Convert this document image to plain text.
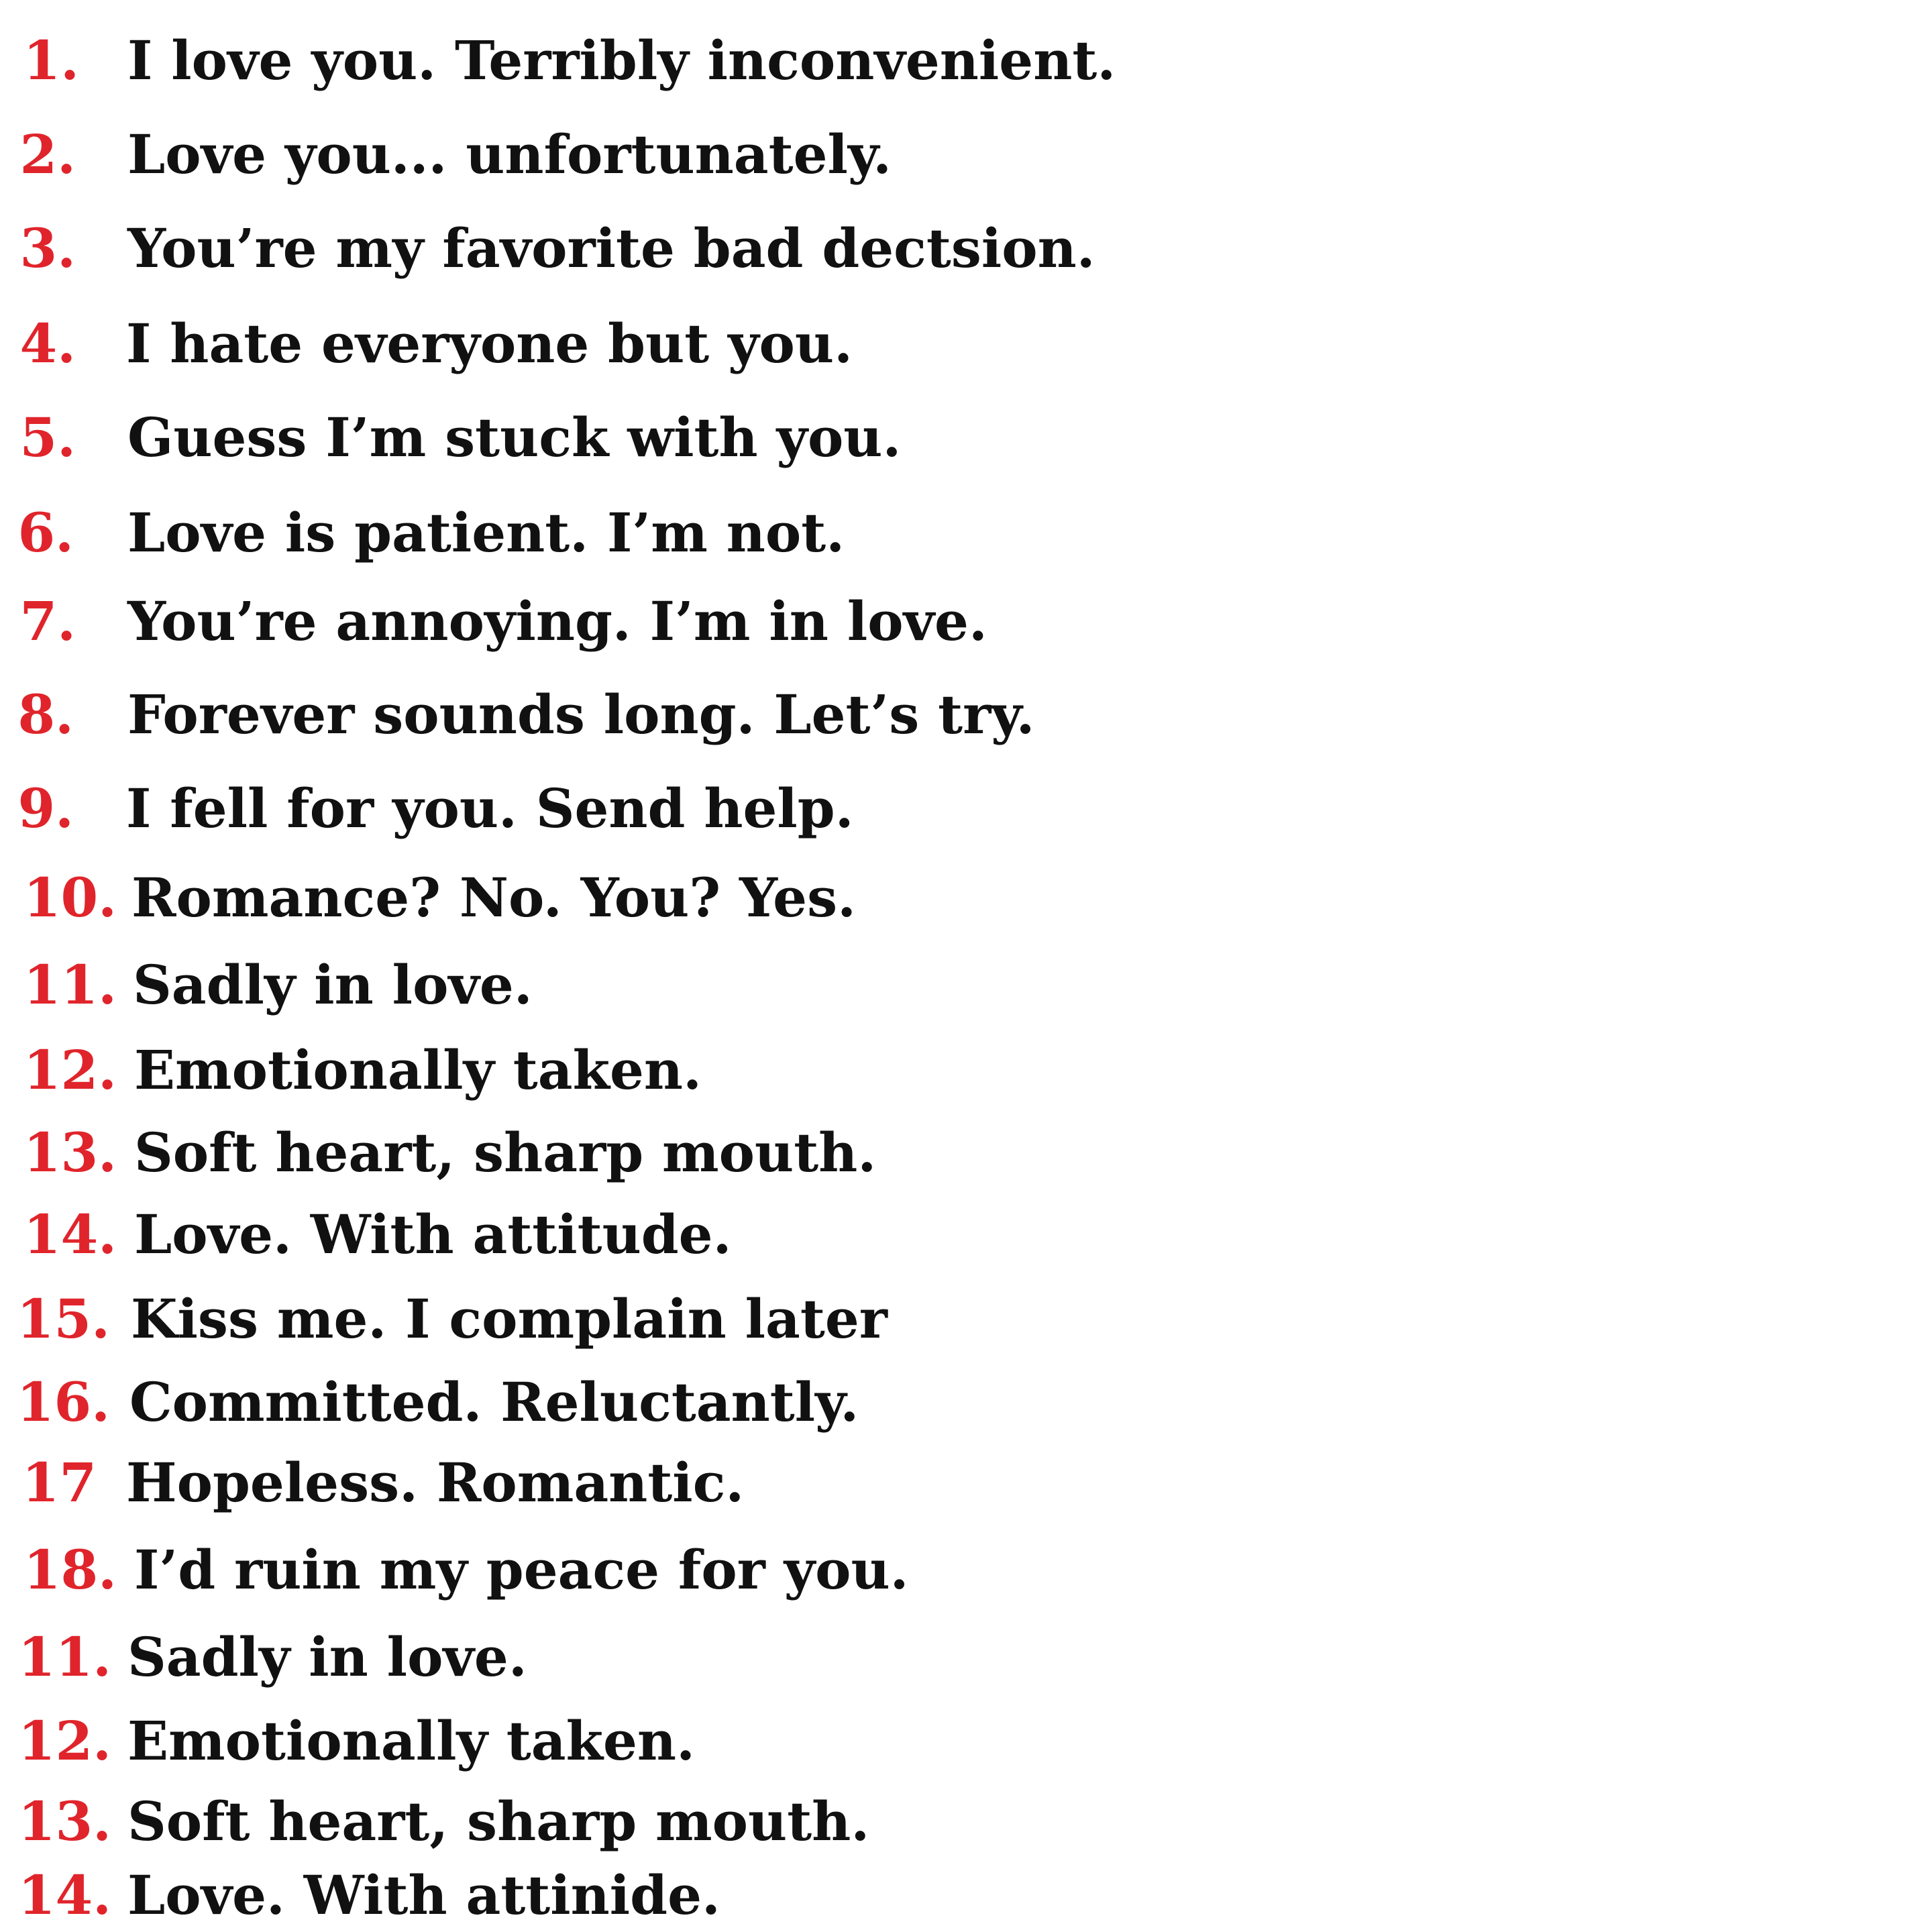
1. I love you. Terribly inconvenient.
2. Love you... unfortunately.
3. You’re my favorite bad dectsion.
4. I hate everyone but you.
5. Guess I’m stuck with you.
6. Love is patient. I’m not.
7. You’re annoying. I’m in love.
8. Forever sounds long. Let’s try.
9. I fell for you. Send help.
10. Romance? No. You? Yes.
11. Sadly in love.
12. Emotionally taken.
13. Soft heart, sharp mouth.
14. Love. With attitude.
15. Kiss me. I complain later
16. Committed. Reluctantly.
17 Hopeless. Romantic.
18. I’d ruin my peace for you.
11. Sadly in love.
12. Emotionally taken.
13. Soft heart, sharp mouth.
14. Love. With attinide.
